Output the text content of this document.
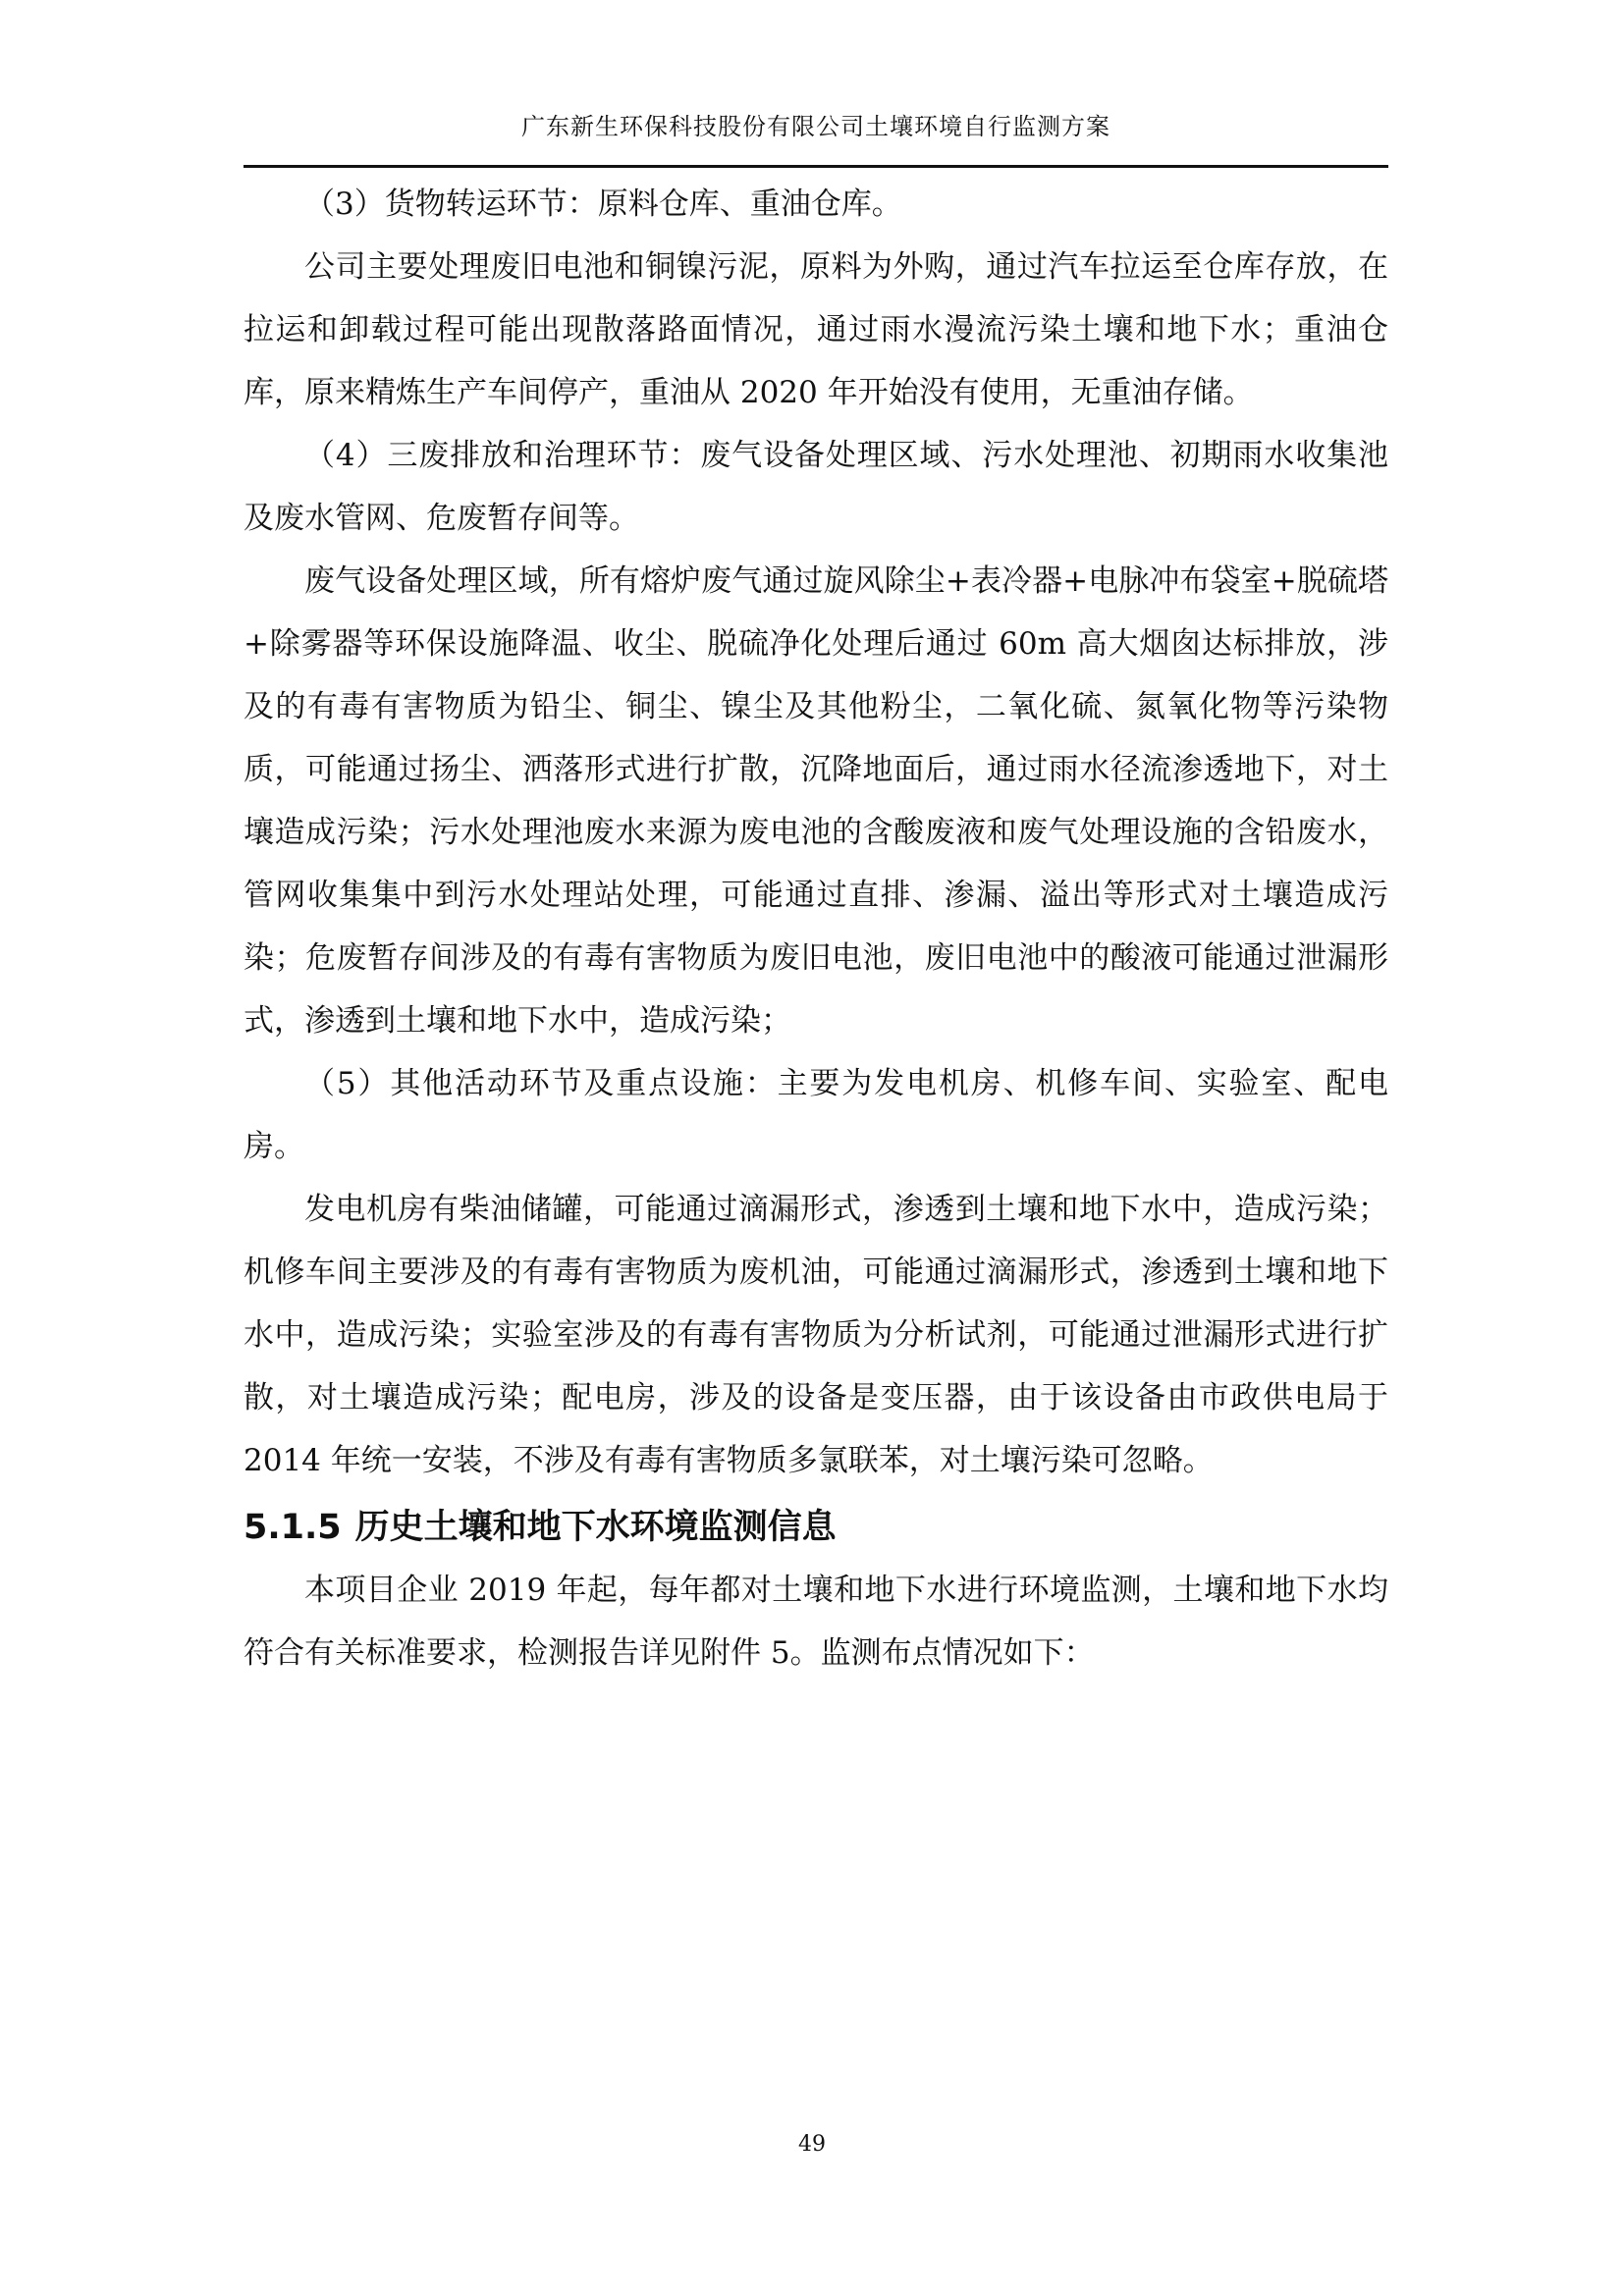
广东新生环保科技股份有限公司土壤环境自行监测方案

（3）货物转运环节：原料仓库、重油仓库。

公司主要处理废旧电池和铜镍污泥，原料为外购，通过汽车拉运至仓库存放，在拉运和卸载过程可能出现散落路面情况，通过雨水漫流污染土壤和地下水；重油仓库，原来精炼生产车间停产，重油从 2020 年开始没有使用，无重油存储。

（4）三废排放和治理环节：废气设备处理区域、污水处理池、初期雨水收集池及废水管网、危废暂存间等。

废气设备处理区域，所有熔炉废气通过旋风除尘+表冷器+电脉冲布袋室+脱硫塔+除雾器等环保设施降温、收尘、脱硫净化处理后通过 60m 高大烟囱达标排放，涉及的有毒有害物质为铅尘、铜尘、镍尘及其他粉尘，二氧化硫、氮氧化物等污染物质，可能通过扬尘、洒落形式进行扩散，沉降地面后，通过雨水径流渗透地下，对土壤造成污染；污水处理池废水来源为废电池的含酸废液和废气处理设施的含铅废水，管网收集集中到污水处理站处理，可能通过直排、渗漏、溢出等形式对土壤造成污染；危废暂存间涉及的有毒有害物质为废旧电池，废旧电池中的酸液可能通过泄漏形式，渗透到土壤和地下水中，造成污染；

（5）其他活动环节及重点设施：主要为发电机房、机修车间、实验室、配电房。

发电机房有柴油储罐，可能通过滴漏形式，渗透到土壤和地下水中，造成污染；机修车间主要涉及的有毒有害物质为废机油，可能通过滴漏形式，渗透到土壤和地下水中，造成污染；实验室涉及的有毒有害物质为分析试剂，可能通过泄漏形式进行扩散，对土壤造成污染；配电房，涉及的设备是变压器，由于该设备由市政供电局于 2014 年统一安装，不涉及有毒有害物质多氯联苯，对土壤污染可忽略。

5.1.5 历史土壤和地下水环境监测信息

本项目企业 2019 年起，每年都对土壤和地下水进行环境监测，土壤和地下水均符合有关标准要求，检测报告详见附件 5。监测布点情况如下：

49
